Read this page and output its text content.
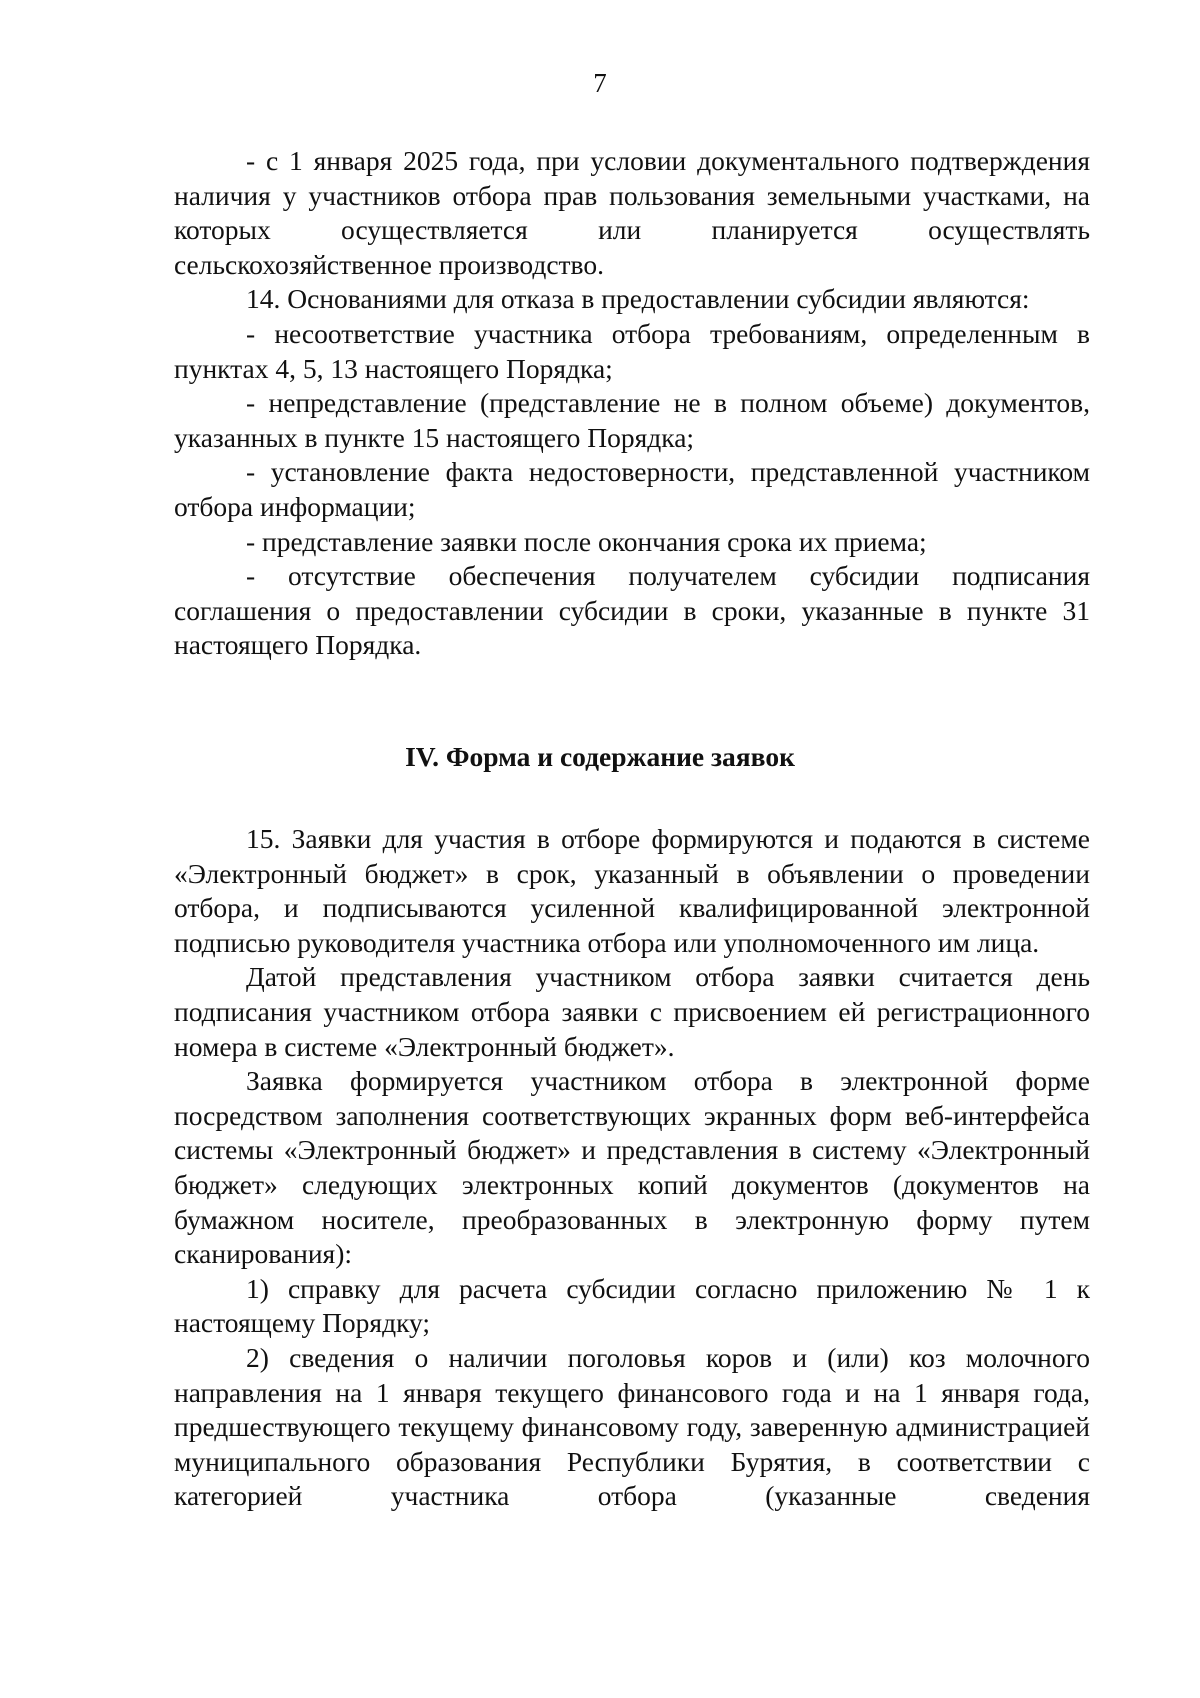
7

- с 1 января 2025 года, при условии документального подтверждения наличия у участников отбора прав пользования земельными участками, на которых осуществляется или планируется осуществлять сельскохозяйственное производство.

14. Основаниями для отказа в предоставлении субсидии являются:

- несоответствие участника отбора требованиям, определенным в пунктах 4, 5, 13 настоящего Порядка;

- непредставление (представление не в полном объеме) документов, указанных в пункте 15 настоящего Порядка;

- установление факта недостоверности, представленной участником отбора информации;

- представление заявки после окончания срока их приема;

- отсутствие обеспечения получателем субсидии подписания соглашения о предоставлении субсидии в сроки, указанные в пункте 31 настоящего Порядка.

IV. Форма и содержание заявок

15. Заявки для участия в отборе формируются и подаются в системе «Электронный бюджет» в срок, указанный в объявлении о проведении отбора, и подписываются усиленной квалифицированной электронной подписью руководителя участника отбора или уполномоченного им лица.

Датой представления участником отбора заявки считается день подписания участником отбора заявки с присвоением ей регистрационного номера в системе «Электронный бюджет».

Заявка формируется участником отбора в электронной форме посредством заполнения соответствующих экранных форм веб-интерфейса системы «Электронный бюджет» и представления в систему «Электронный бюджет» следующих электронных копий документов (документов на бумажном носителе, преобразованных в электронную форму путем сканирования):

1) справку для расчета субсидии согласно приложению № 1 к настоящему Порядку;

2) сведения о наличии поголовья коров и (или) коз молочного направления на 1 января текущего финансового года и на 1 января года, предшествующего текущему финансовому году, заверенную администрацией муниципального образования Республики Бурятия, в соответствии с категорией участника отбора (указанные сведения
